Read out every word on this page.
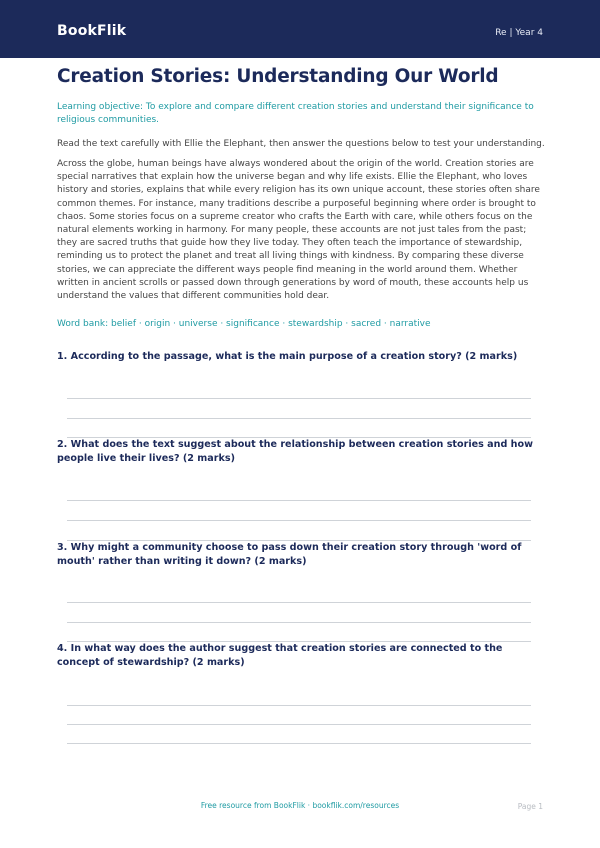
BookFlik	Re | Year 4
Creation Stories: Understanding Our World
Learning objective: To explore and compare different creation stories and understand their significance to religious communities.
Read the text carefully with Ellie the Elephant, then answer the questions below to test your understanding.
Across the globe, human beings have always wondered about the origin of the world. Creation stories are special narratives that explain how the universe began and why life exists. Ellie the Elephant, who loves history and stories, explains that while every religion has its own unique account, these stories often share common themes. For instance, many traditions describe a purposeful beginning where order is brought to chaos. Some stories focus on a supreme creator who crafts the Earth with care, while others focus on the natural elements working in harmony. For many people, these accounts are not just tales from the past; they are sacred truths that guide how they live today. They often teach the importance of stewardship, reminding us to protect the planet and treat all living things with kindness. By comparing these diverse stories, we can appreciate the different ways people find meaning in the world around them. Whether written in ancient scrolls or passed down through generations by word of mouth, these accounts help us understand the values that different communities hold dear.
Word bank: belief · origin · universe · significance · stewardship · sacred · narrative
1. According to the passage, what is the main purpose of a creation story? (2 marks)
2. What does the text suggest about the relationship between creation stories and how people live their lives? (2 marks)
3. Why might a community choose to pass down their creation story through 'word of mouth' rather than writing it down? (2 marks)
4. In what way does the author suggest that creation stories are connected to the concept of stewardship? (2 marks)
Free resource from BookFlik · bookflik.com/resources	Page 1
